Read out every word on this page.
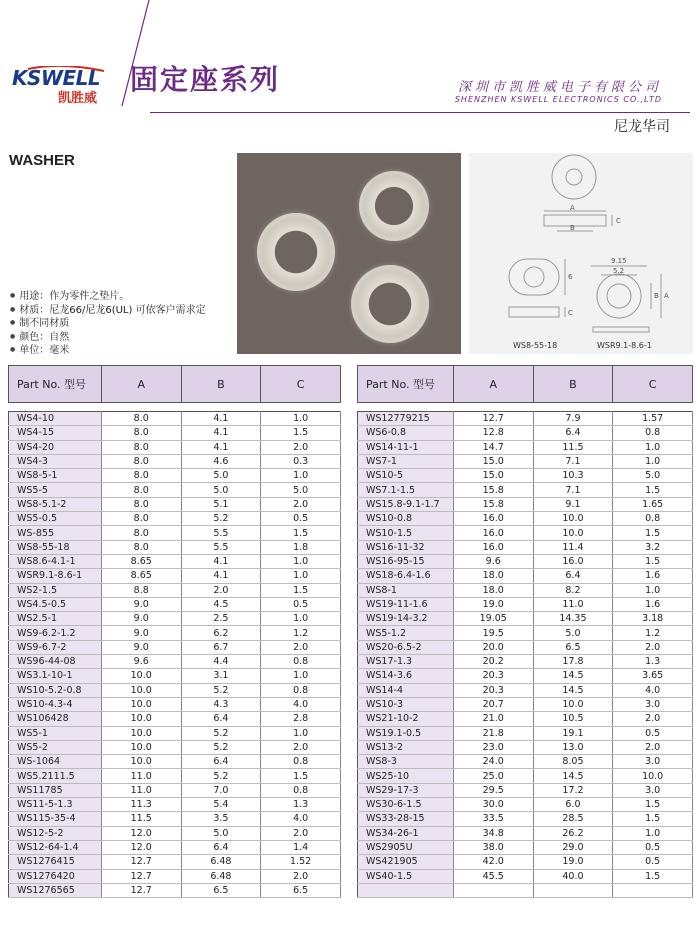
KSWELL
凯胜威
固定座系列	深圳市凯胜威电子有限公司
SHENZHEN KSWELL ELECTRONICS CO.,LTD
尼龙华司
WASHER
A
B
C
6
C
9.15
5.2
B A
WS8-55-18	WSR9.1-8.6-1
● 用途：作为零件之垫片。
● 材质：尼龙66/尼龙6(UL) 可依客户需求定
● 制不同材质
● 颜色：自然
● 单位：毫米
Part No. 型号	A	B	C

WS4-10	8.0	4.1	1.0
WS4-15	8.0	4.1	1.5
WS4-20	8.0	4.1	2.0
WS4-3	8.0	4.6	0.3
WS8-5-1	8.0	5.0	1.0
WS5-5	8.0	5.0	5.0
WS8-5.1-2	8.0	5.1	2.0
WS5-0.5	8.0	5.2	0.5
WS-855	8.0	5.5	1.5
WS8-55-18	8.0	5.5	1.8
WS8.6-4.1-1	8.65	4.1	1.0
WSR9.1-8.6-1	8.65	4.1	1.0
WS2-1.5	8.8	2.0	1.5
WS4.5-0.5	9.0	4.5	0.5
WS2.5-1	9.0	2.5	1.0
WS9-6.2-1.2	9.0	6.2	1.2
WS9-6.7-2	9.0	6.7	2.0
WS96-44-08	9.6	4.4	0.8
WS3.1-10-1	10.0	3.1	1.0
WS10-5.2-0.8	10.0	5.2	0.8
WS10-4.3-4	10.0	4.3	4.0
WS106428	10.0	6.4	2.8
WS5-1	10.0	5.2	1.0
WS5-2	10.0	5.2	2.0
WS-1064	10.0	6.4	0.8
WS5.2111.5	11.0	5.2	1.5
WS11785	11.0	7.0	0.8
WS11-5-1.3	11.3	5.4	1.3
WS115-35-4	11.5	3.5	4.0
WS12-5-2	12.0	5.0	2.0
WS12-64-1.4	12.0	6.4	1.4
WS1276415	12.7	6.48	1.52
WS1276420	12.7	6.48	2.0
WS1276565	12.7	6.5	6.5
Part No. 型号	A	B	C

WS12779215	12.7	7.9	1.57
WS6-0.8	12.8	6.4	0.8
WS14-11-1	14.7	11.5	1.0
WS7-1	15.0	7.1	1.0
WS10-5	15.0	10.3	5.0
WS7.1-1.5	15.8	7.1	1.5
WS15.8-9.1-1.7	15.8	9.1	1.65
WS10-0.8	16.0	10.0	0.8
WS10-1.5	16.0	10.0	1.5
WS16-11-32	16.0	11.4	3.2
WS16-95-15	9.6	16.0	1.5
WS18-6.4-1.6	18.0	6.4	1.6
WS8-1	18.0	8.2	1.0
WS19-11-1.6	19.0	11.0	1.6
WS19-14-3.2	19.05	14.35	3.18
WS5-1.2	19.5	5.0	1.2
WS20-6.5-2	20.0	6.5	2.0
WS17-1.3	20.2	17.8	1.3
WS14-3.6	20.3	14.5	3.65
WS14-4	20.3	14.5	4.0
WS10-3	20.7	10.0	3.0
WS21-10-2	21.0	10.5	2.0
WS19.1-0.5	21.8	19.1	0.5
WS13-2	23.0	13.0	2.0
WS8-3	24.0	8.05	3.0
WS25-10	25.0	14.5	10.0
WS29-17-3	29.5	17.2	3.0
WS30-6-1.5	30.0	6.0	1.5
WS33-28-15	33.5	28.5	1.5
WS34-26-1	34.8	26.2	1.0
WS2905U	38.0	29.0	0.5
WS421905	42.0	19.0	0.5
WS40-1.5	45.5	40.0	1.5
